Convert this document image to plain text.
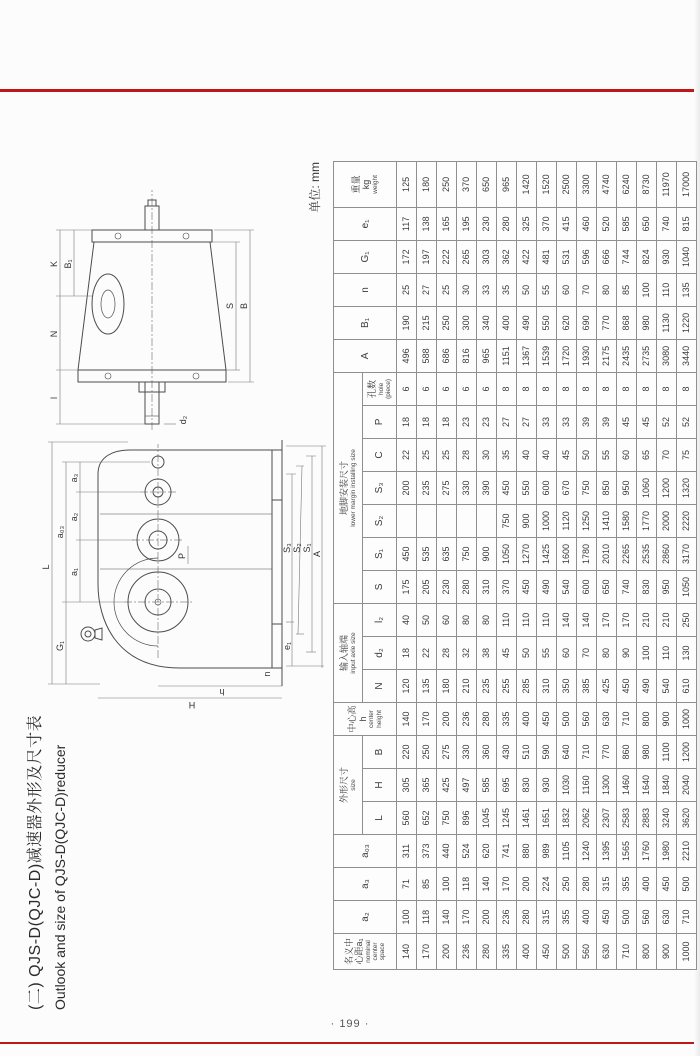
(二) QJS-D(QJC-D)减速器外形及尺寸表 Outlook and size of QJS-D(QJC-D)reducer
L
G₁
a₀₃
a₁
a₂
a₃
H
h
n
P
e₁
S₃ S₂ S₁
A
l
N
K B₁
d₂
S B
单位: mm
名义中心距a₁ nominal center space
	a₂	a₃	a₀₃	
外形尺寸 size

中心高 h center height

输入轴端 input axle size

地脚安装尺寸 lower margin installing size
	A	B₁	n	G₁	e₁	
重量 kg weight

				L	H	B		N	d₂	l₂	S	S₁	S₂	S₃	C	P	孔数 hole (piece)						

140	100	71	311	560	305	220	140	120	18	40	175	450		200	22	18	6	496	190	25	172	117	125
170	118	85	373	652	365	250	170	135	22	50	205	535		235	25	18	6	588	215	27	197	138	180
200	140	100	440	750	425	275	200	180	28	60	230	635		275	25	18	6	686	250	25	222	165	250
236	170	118	524	896	497	330	236	210	32	80	280	750		330	28	23	6	816	300	30	265	195	370
280	200	140	620	1045	585	360	280	235	38	80	310	900		390	30	23	6	965	340	33	303	230	650
335	236	170	741	1245	695	430	335	255	45	110	370	1050	750	450	35	27	8	1151	400	35	362	280	965
400	280	200	880	1461	830	510	400	285	50	110	450	1270	900	550	40	27	8	1367	490	50	422	325	1420
450	315	224	989	1651	930	590	450	310	55	110	490	1425	1000	600	40	33	8	1539	550	55	481	370	1520
500	355	250	1105	1832	1030	640	500	350	60	140	540	1600	1120	670	45	33	8	1720	620	60	531	415	2500
560	400	280	1240	2062	1160	710	560	385	70	140	600	1780	1250	750	50	39	8	1930	690	70	596	460	3300
630	450	315	1395	2307	1300	770	630	425	80	170	650	2010	1410	850	55	39	8	2175	770	80	666	520	4740
710	500	355	1565	2583	1460	860	710	450	90	170	740	2265	1580	950	60	45	8	2435	868	85	744	585	6240
800	560	400	1760	2883	1640	980	800	490	100	210	830	2535	1770	1060	65	45	8	2735	980	100	824	650	8730
900	630	450	1980	3240	1840	1100	900	540	110	210	950	2860	2000	1200	70	52	8	3080	1130	110	930	740	11970
1000	710	500	2210	3620	2040	1200	1000	610	130	250	1050	3170	2220	1320	75	52	8	3440	1220	135	1040	815	17000
· 199 ·
